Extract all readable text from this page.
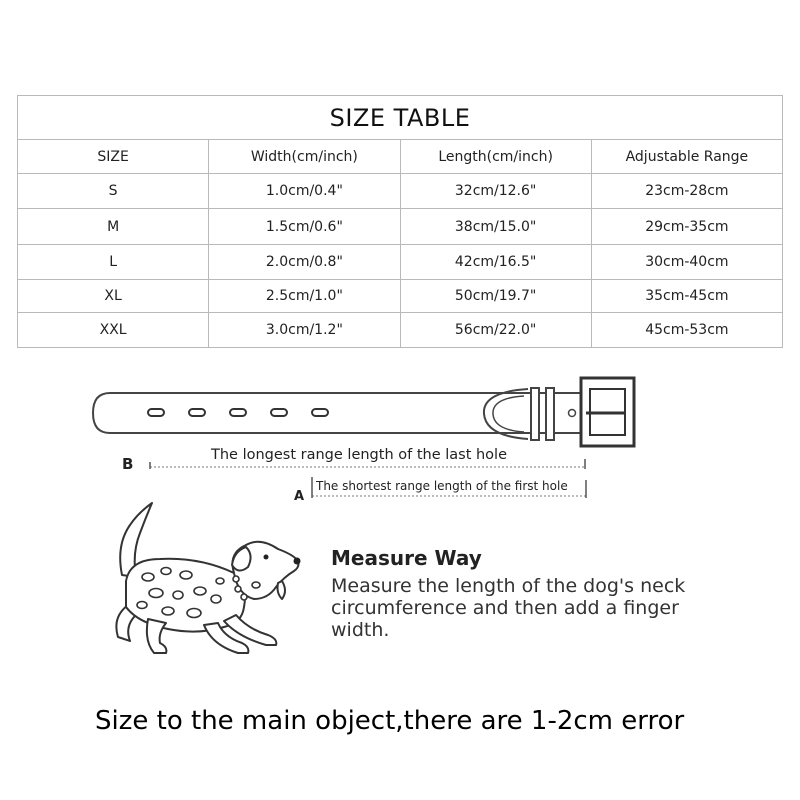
SIZE TABLE			
SIZE	Width(cm/inch)	Length(cm/inch)	Adjustable Range
S	1.0cm/0.4"	32cm/12.6"	23cm-28cm
M	1.5cm/0.6"	38cm/15.0"	29cm-35cm
L	2.0cm/0.8"	42cm/16.5"	30cm-40cm
XL	2.5cm/1.0"	50cm/19.7"	35cm-45cm
XXL	3.0cm/1.2"	56cm/22.0"	45cm-53cm
B	The longest range length of the last hole
A
The shortest range length of the first hole
Measure Way
Measure the length of the dog's neck
circumference and then add a finger
width.
Size to the main object,there are 1-2cm error
